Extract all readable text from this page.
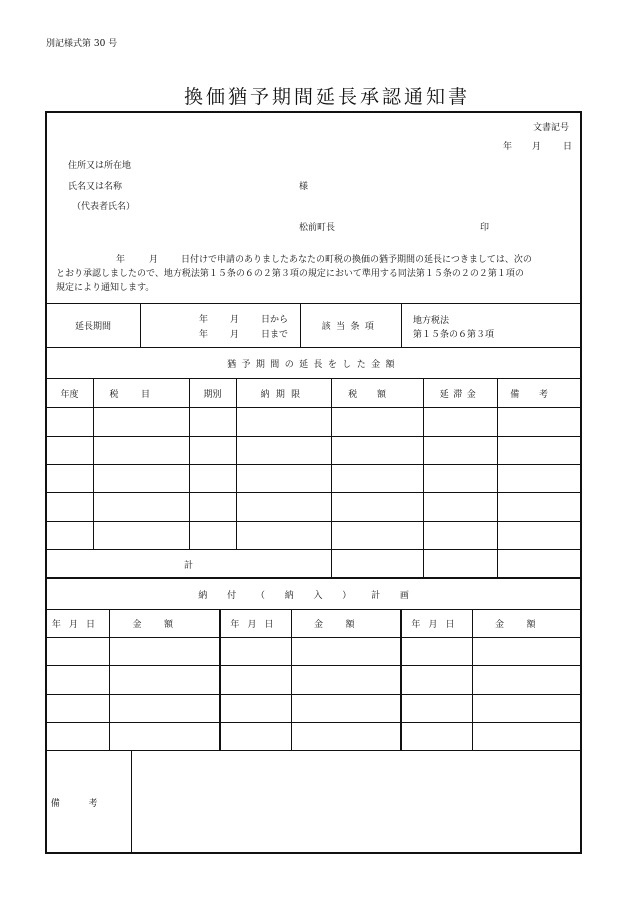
別記様式第 30 号
換価猶予期間延長承認通知書
文書記号
年 月 日
住所又は所在地
氏名又は名称	様
（代表者氏名）
松前町長	印
年	月	日付けで申請のありましたあなたの町税の換価の猶予期間の延長につきましては、次の
とおり承認しましたので、地方税法第１５条の６の２第３項の規定において準用する同法第１５条の２の２第１項の
規定により通知します。
延長期間
年 月 日から
年 月 日まで
該当条項
地方税法
第１５条の６第３項
猶予期間の延長をした金額
年度	税目	期別	納期限	税額	延滞金	備考
計
納付（納入）計画
年月日	金額	年月日	金額	年月日	金額
備考
